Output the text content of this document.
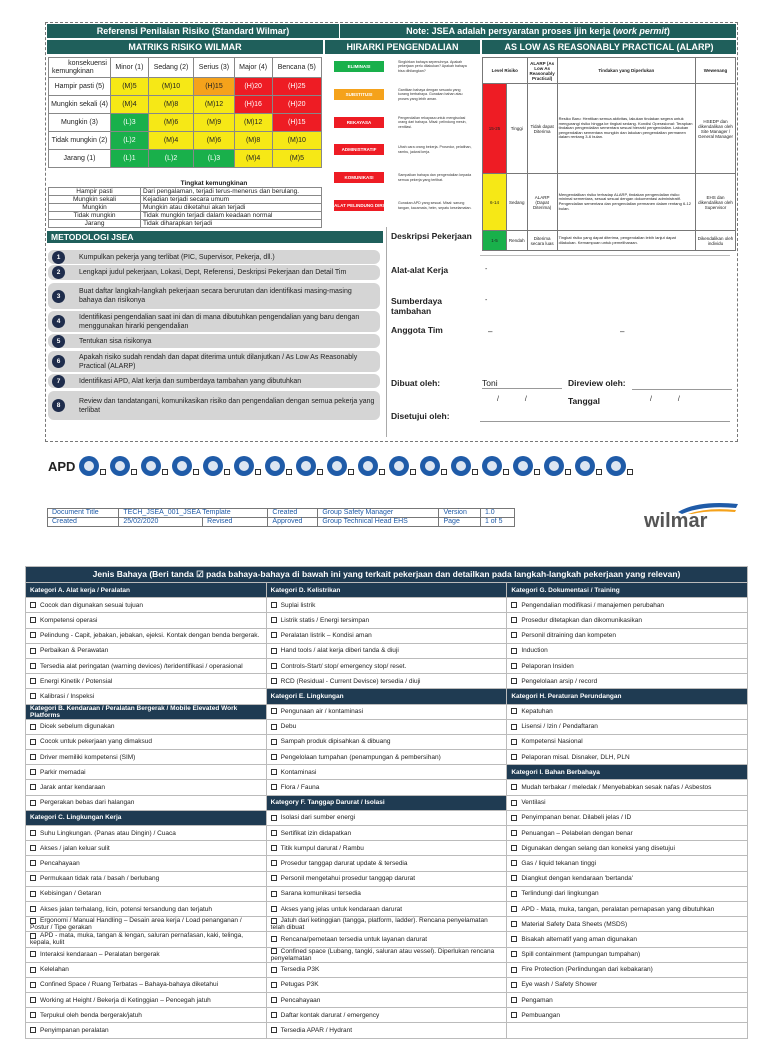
Referensi Penilaian Risiko (Standard Wilmar)	Note: JSEA adalah persyaratan proses ijin kerja (work permit)
MATRIKS RISIKO WILMAR	HIRARKI PENGENDALIAN	AS LOW AS REASONABLY PRACTICAL (ALARP)
konsekuensi
kemungkinan	Minor (1)	Sedang (2)	Serius (3)	Major (4)	Bencana (5)
Hampir pasti (5)	(M)5	(M)10	(H)15	(H)20	(H)25
Mungkin sekali (4)	(M)4	(M)8	(M)12	(H)16	(H)20
Mungkin (3)	(L)3	(M)6	(M)9	(M)12	(H)15
Tidak mungkin (2)	(L)2	(M)4	(M)6	(M)8	(M)10
Jarang (1)	(L)1	(L)2	(L)3	(M)4	(M)5
Tingkat kemungkinan	
Hampir pasti	Dari pengalaman, terjadi terus-menerus dan berulang.
Mungkin sekali	Kejadian terjadi secara umum
Mungkin	Mungkin atau diketahui akan terjadi
Tidak mungkin	Tidak mungkin terjadi dalam keadaan normal
Jarang	Tidak diharapkan terjadi
ELIMINASI
Singkirkan bahaya sepenuhnya. Apakah pekerjaan perlu dilakukan? Apakah bahaya bisa dihilangkan?
SUBSTITUSI
Gantikan bahaya dengan sesuatu yang kurang berbahaya. Gunakan bahan atau proses yang lebih aman.
REKAYASA ENGINEERING
Pengendalian rekayasa untuk mengisolasi orang dari bahaya. Misal: pelindung mesin, ventilasi.
ADMINISTRATIF	Ubah cara orang bekerja. Prosedur, pelatihan, rambu, jadwal kerja.
KOMUNIKASI	Sampaikan bahaya dan pengendalian kepada semua pekerja yang terlibat.
ALAT PELINDUNG DIRI	Gunakan APD yang sesuai. Misal: sarung tangan, kacamata, helm, sepatu keselamatan.
Level Risiko		ALARP (As Low As Reasonably Practical)	Tindakan yang Diperlukan	Wewenang
15-25	Tinggi	Tidak dapat Diterima	Resiko Baru: Hentikan semua aktivitas, lakukan tindakan segera untuk mengurangi risiko hingga ke tingkat sedang. Kondisi Operasional: Terapkan tindakan pengendalian sementara sesuai hierarki pengendalian. Lakukan pengendalian sementara mungkin dan lakukan pengendalian permanen dalam rentang 3-6 bulan.	HSEDP dan dikendalikan oleh Site Manager / General Manager
6-14	Sedang	ALARP (Dapat Diterima)	Mengendalikan risiko terhadap ALARP, tindakan pengendalian risiko minimal sementara, sesuai sesuai dengan dokumentasi administratif. Pengendalian sementara dan pengendalian permanen dalam rentang 6-12 bulan.	EHS dan dikendalikan oleh Supervisor
1-5	Rendah	Diterima secara luas	Tingkat risiko yang dapat diterima, pengendalian lebih lanjut dapat dilakukan. Kemampuan untuk pemeliharaan.	Dikendalikan oleh individu
METODOLOGI JSEA
1	Kumpulkan pekerja yang terlibat (PIC, Supervisor, Pekerja, dll.)
2	Lengkapi judul pekerjaan, Lokasi, Dept, Referensi, Deskripsi Pekerjaan dan Detail Tim
3
Buat daftar langkah-langkah pekerjaan secara berurutan dan identifikasi masing-masing bahaya dan risikonya
4
Identifikasi pengendalian saat ini dan di mana dibutuhkan pengendalian yang baru dengan menggunakan hirarki pengendalian
5	Tentukan sisa risikonya
6
Apakah risiko sudah rendah dan dapat diterima untuk dilanjutkan / As Low As Reasonably Practical (ALARP)
7	Identifikasi APD, Alat kerja dan sumberdaya tambahan yang dibutuhkan
8
Review dan tandatangani, komunikasikan risiko dan pengendalian dengan semua pekerja yang terlibat
Deskripsi Pekerjaan
Alat-alat Kerja	-
Sumberdaya tambahan
-
Anggota Tim	–	–
Dibuat oleh:	Toni
/ /
Direview oleh:
Tanggal	/ /
Disetujui oleh:
APD
Document Title	TECH_JSEA_001_JSEA Template		Created	Group Safety Manager	Version	1.0
Created	25/02/2020	Revised	Approved	Group Technical Head EHS	Page	1 of 5	wilmar
Jenis Bahaya (Beri tanda ☑ pada bahaya-bahaya di bawah ini yang terkait pekerjaan dan detailkan pada langkah-langkah pekerjaan yang relevan)		
Kategori A. Alat kerja / Peralatan	Kategori D. Kelistrikan	Kategori G. Dokumentasi / Training
Cocok dan digunakan sesuai tujuan	Suplai listrik	Pengendalian modifikasi / manajemen perubahan
Kompetensi operasi	Listrik statis / Energi tersimpan	Prosedur ditetapkan dan dikomunikasikan
Pelindung - Capit, jebakan, jebakan, ejeksi. Kontak dengan benda bergerak.	Peralatan listrik – Kondisi aman	Personil ditraining dan kompeten
Perbaikan & Perawatan	Hand tools / alat kerja diberi tanda & diuji	Induction
Tersedia alat peringatan (warning devices) /teridentifikasi / operasional	Controls-Start/ stop/ emergency stop/ reset.	Pelaporan Insiden
Energi Kinetik / Potensial	RCD (Residual - Current Devisce) tersedia / diuji	Pengelolaan arsip / record
Kalibrasi / Inspeksi	Kategori E. Lingkungan	Kategori H. Peraturan Perundangan
Kategori B. Kendaraan / Peralatan Bergerak / Mobile Elevated Work Platforms	Pengunaan air / kontaminasi	Kepatuhan
Dicek sebelum digunakan	Debu	Lisensi / Izin / Pendaftaran
Cocok untuk pekerjaan yang dimaksud	Sampah produk dipisahkan & dibuang	Kompetensi Nasional
Driver memiliki kompetensi (SIM)	Pengelolaan tumpahan (penampungan & pembersihan)	Pelaporan misal. Disnaker, DLH, PLN
Parkir memadai	Kontaminasi	Kategori I. Bahan Berbahaya
Jarak antar kendaraan	Flora / Fauna	Mudah terbakar / meledak / Menyebabkan sesak nafas / Asbestos
Pergerakan bebas dari halangan	Kategory F. Tanggap Darurat / Isolasi	Ventilasi
Kategori C. Lingkungan Kerja	Isolasi dari sumber energi	Penyimpanan benar. Dilabeli jelas / ID
Suhu Lingkungan. (Panas atau Dingin) / Cuaca	Sertifikat izin didapatkan	Penuangan – Pelabelan dengan benar
Akses / jalan keluar sulit	Titik kumpul darurat / Rambu	Digunakan dengan selang dan koneksi yang disetujui
Pencahayaan	Prosedur tanggap darurat update & tersedia	Gas / liquid tekanan tinggi
Permukaan tidak rata / basah / berlubang	Personil mengetahui prosedur tanggap darurat	Diangkut dengan kendaraan 'bertanda'
Kebisingan / Getaran	Sarana komunikasi tersedia	Terlindungi dari lingkungan
Akses jalan terhalang, licin, potensi tersandung dan terjatuh	Akses yang jelas untuk kendaraan darurat	APD - Mata, muka, tangan, peralatan pernapasan yang dibutuhkan
Ergonomi / Manual Handling – Desain area kerja / Load penanganan / Postur / Tipe gerakan	Jatuh dari ketinggian (tangga, platform, ladder). Rencana penyelamatan telah dibuat	Material Safety Data Sheets (MSDS)
APD - mata, muka, tangan & lengan, saluran pernafasan, kaki, telinga, kepala, kulit	Rencana/pemetaan tersedia untuk layanan darurat	Bisakah alternatif yang aman digunakan
Interaksi kendaraan – Peralatan bergerak	Confined space (Lubang, tangki, saluran atau vessel). Diperlukan rencana penyelamatan	Spill containment (tampungan tumpahan)
Kelelahan	Tersedia P3K	Fire Protection (Perlindungan dari kebakaran)
Confined Space / Ruang Terbatas – Bahaya-bahaya diketahui	Petugas P3K	Eye wash / Safety Shower
Working at Height / Bekerja di Ketinggian – Pencegah jatuh	Pencahayaan	Pengaman
Terpukul oleh benda bergerak/jatuh	Daftar kontak darurat / emergency	Pembuangan
Penyimpanan peralatan	Tersedia APAR / Hydrant	
